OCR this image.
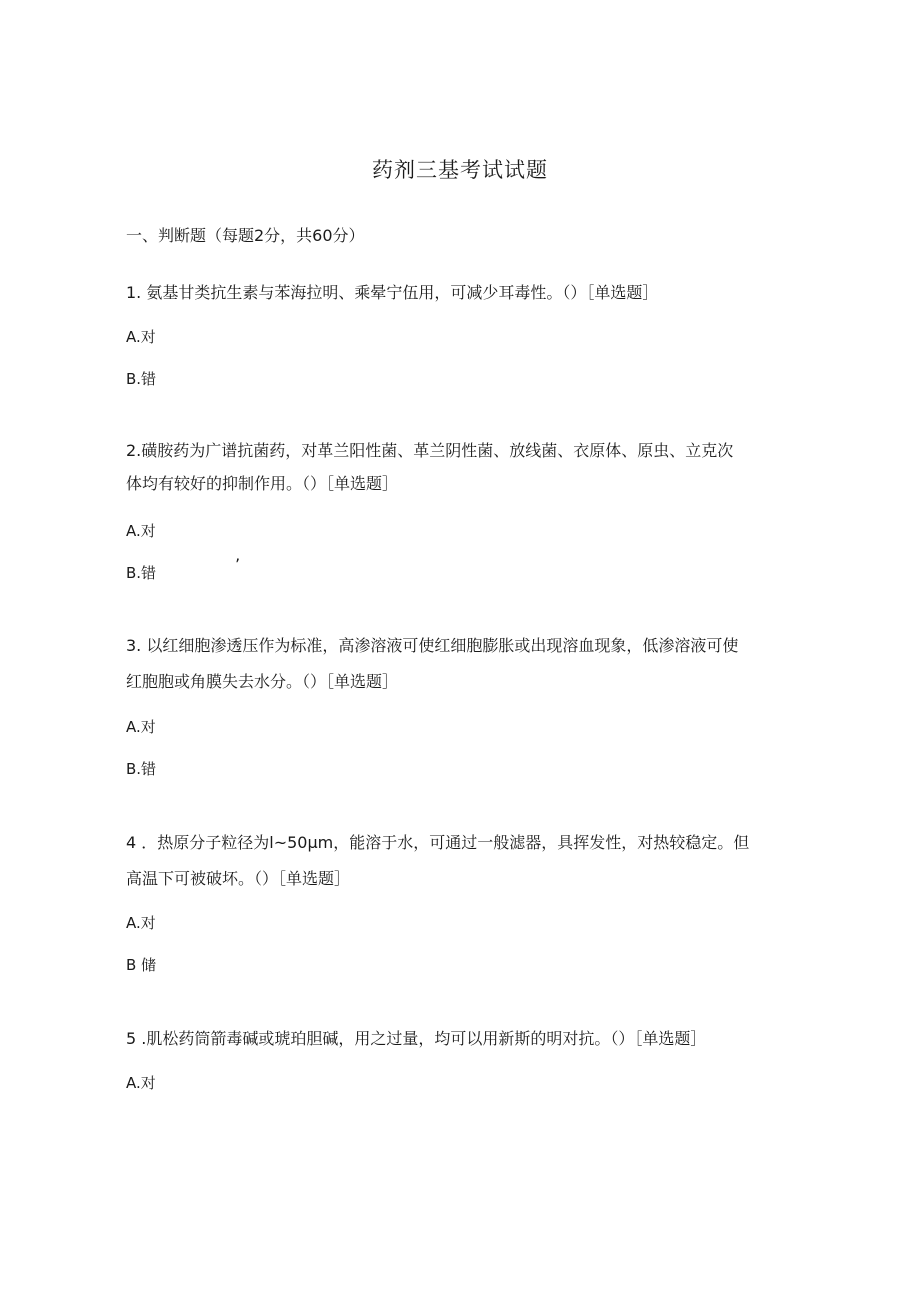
药剂三基考试试题
一、判断题（每题2分，共60分）
1. 氨基甘类抗生素与苯海拉明、乘晕宁伍用，可减少耳毒性。（）［单选题］
A.对
B.错
2.磺胺药为广谱抗菌药，对革兰阳性菌、革兰阴性菌、放线菌、衣原体、原虫、立克次
体均有较好的抑制作用。（）［单选题］
A.对
B.错	’
3. 以红细胞渗透压作为标准，高渗溶液可使红细胞膨胀或出现溶血现象，低渗溶液可使
红胞胞或角膜失去水分。（）［单选题］
A.对
B.错
4 ．热原分子粒径为l~50μm，能溶于水，可通过一般滤器，具挥发性，对热较稳定。但
高温下可被破坏。（）［单选题］
A.对
B 储
5 .肌松药筒箭毒碱或琥珀胆碱，用之过量，均可以用新斯的明对抗。（）［单选题］
A.对
